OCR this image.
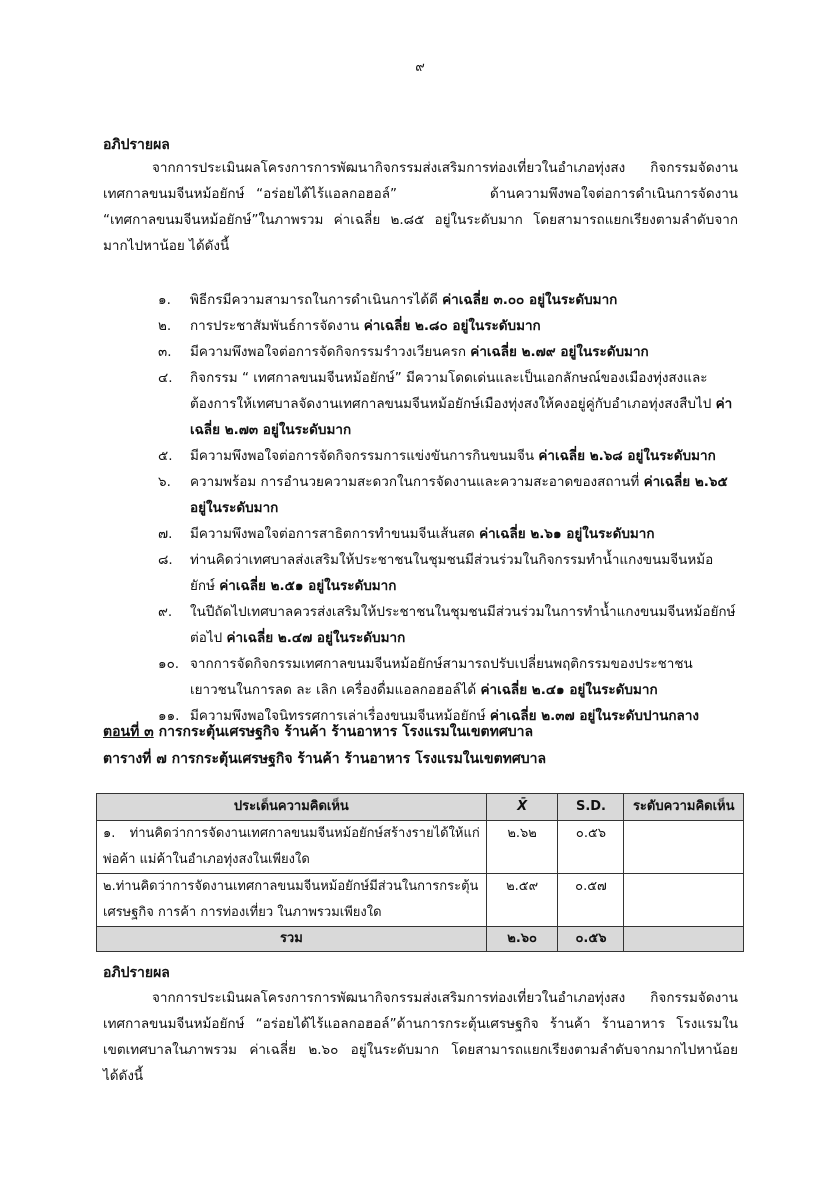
๙
อภิปรายผล
จากการประเมินผลโครงการการพัฒนากิจกรรมส่งเสริมการท่องเที่ยวในอำเภอทุ่งสง กิจกรรมจัดงาน
เทศกาลขนมจีนหม้อยักษ์ “อร่อยได้ไร้แอลกอฮอล์”        ด้านความพึงพอใจต่อการดำเนินการจัดงาน
“เทศกาลขนมจีนหม้อยักษ์”ในภาพรวม ค่าเฉลี่ย ๒.๘๕ อยู่ในระดับมาก โดยสามารถแยกเรียงตามลำดับจาก
มากไปหาน้อย ได้ดังนี้
๑. พิธีกรมีความสามารถในการดำเนินการได้ดี ค่าเฉลี่ย ๓.๐๐ อยู่ในระดับมาก
๒. การประชาสัมพันธ์การจัดงาน ค่าเฉลี่ย ๒.๘๐ อยู่ในระดับมาก
๓. มีความพึงพอใจต่อการจัดกิจกรรมรำวงเวียนครก ค่าเฉลี่ย ๒.๗๙ อยู่ในระดับมาก
๔. กิจกรรม “ เทศกาลขนมจีนหม้อยักษ์” มีความโดดเด่นและเป็นเอกลักษณ์ของเมืองทุ่งสงและต้องการให้เทศบาลจัดงานเทศกาลขนมจีนหม้อยักษ์เมืองทุ่งสงให้คงอยู่คู่กับอำเภอทุ่งสงสืบไป ค่าเฉลี่ย ๒.๗๓ อยู่ในระดับมาก
๕. มีความพึงพอใจต่อการจัดกิจกรรมการแข่งขันการกินขนมจีน ค่าเฉลี่ย ๒.๖๘ อยู่ในระดับมาก
๖. ความพร้อม การอำนวยความสะดวกในการจัดงานและความสะอาดของสถานที่ ค่าเฉลี่ย ๒.๖๕ อยู่ในระดับมาก
๗. มีความพึงพอใจต่อการสาธิตการทำขนมจีนเส้นสด ค่าเฉลี่ย ๒.๖๑ อยู่ในระดับมาก
๘. ท่านคิดว่าเทศบาลส่งเสริมให้ประชาชนในชุมชนมีส่วนร่วมในกิจกรรมทำน้ำแกงขนมจีนหม้อยักษ์ ค่าเฉลี่ย ๒.๕๑ อยู่ในระดับมาก
๙. ในปีถัดไปเทศบาลควรส่งเสริมให้ประชาชนในชุมชนมีส่วนร่วมในการทำน้ำแกงขนมจีนหม้อยักษ์ต่อไป ค่าเฉลี่ย ๒.๔๗ อยู่ในระดับมาก
๑๐. จากการจัดกิจกรรมเทศกาลขนมจีนหม้อยักษ์สามารถปรับเปลี่ยนพฤติกรรมของประชาชนเยาวชนในการลด ละ เลิก เครื่องดื่มแอลกอฮอล์ได้ ค่าเฉลี่ย ๒.๔๑ อยู่ในระดับมาก
๑๑. มีความพึงพอใจนิทรรศการเล่าเรื่องขนมจีนหม้อยักษ์ ค่าเฉลี่ย ๒.๓๗ อยู่ในระดับปานกลาง
ตอนที่ ๓ การกระตุ้นเศรษฐกิจ ร้านค้า ร้านอาหาร โรงแรมในเขตทศบาล
ตารางที่ ๗ การกระตุ้นเศรษฐกิจ ร้านค้า ร้านอาหาร โรงแรมในเขตทศบาล
ประเด็นความคิดเห็น	X̄	S.D.	ระดับความคิดเห็น
๑. ท่านคิดว่าการจัดงานเทศกาลขนมจีนหม้อยักษ์สร้างรายได้ให้แก่พ่อค้า แม่ค้าในอำเภอทุ่งสงในเพียงใด	๒.๖๒	๐.๕๖	
๒.ท่านคิดว่าการจัดงานเทศกาลขนมจีนหม้อยักษ์มีส่วนในการกระตุ้นเศรษฐกิจ การค้า การท่องเที่ยว ในภาพรวมเพียงใด	๒.๕๙	๐.๕๗	
รวม	๒.๖๐	๐.๕๖	
อภิปรายผล
จากการประเมินผลโครงการการพัฒนากิจกรรมส่งเสริมการท่องเที่ยวในอำเภอทุ่งสง กิจกรรมจัดงาน
เทศกาลขนมจีนหม้อยักษ์ “อร่อยได้ไร้แอลกอฮอล์”ด้านการกระตุ้นเศรษฐกิจ ร้านค้า ร้านอาหาร โรงแรมใน
เขตเทศบาลในภาพรวม ค่าเฉลี่ย ๒.๖๐ อยู่ในระดับมาก โดยสามารถแยกเรียงตามลำดับจากมากไปหาน้อย
ได้ดังนี้
